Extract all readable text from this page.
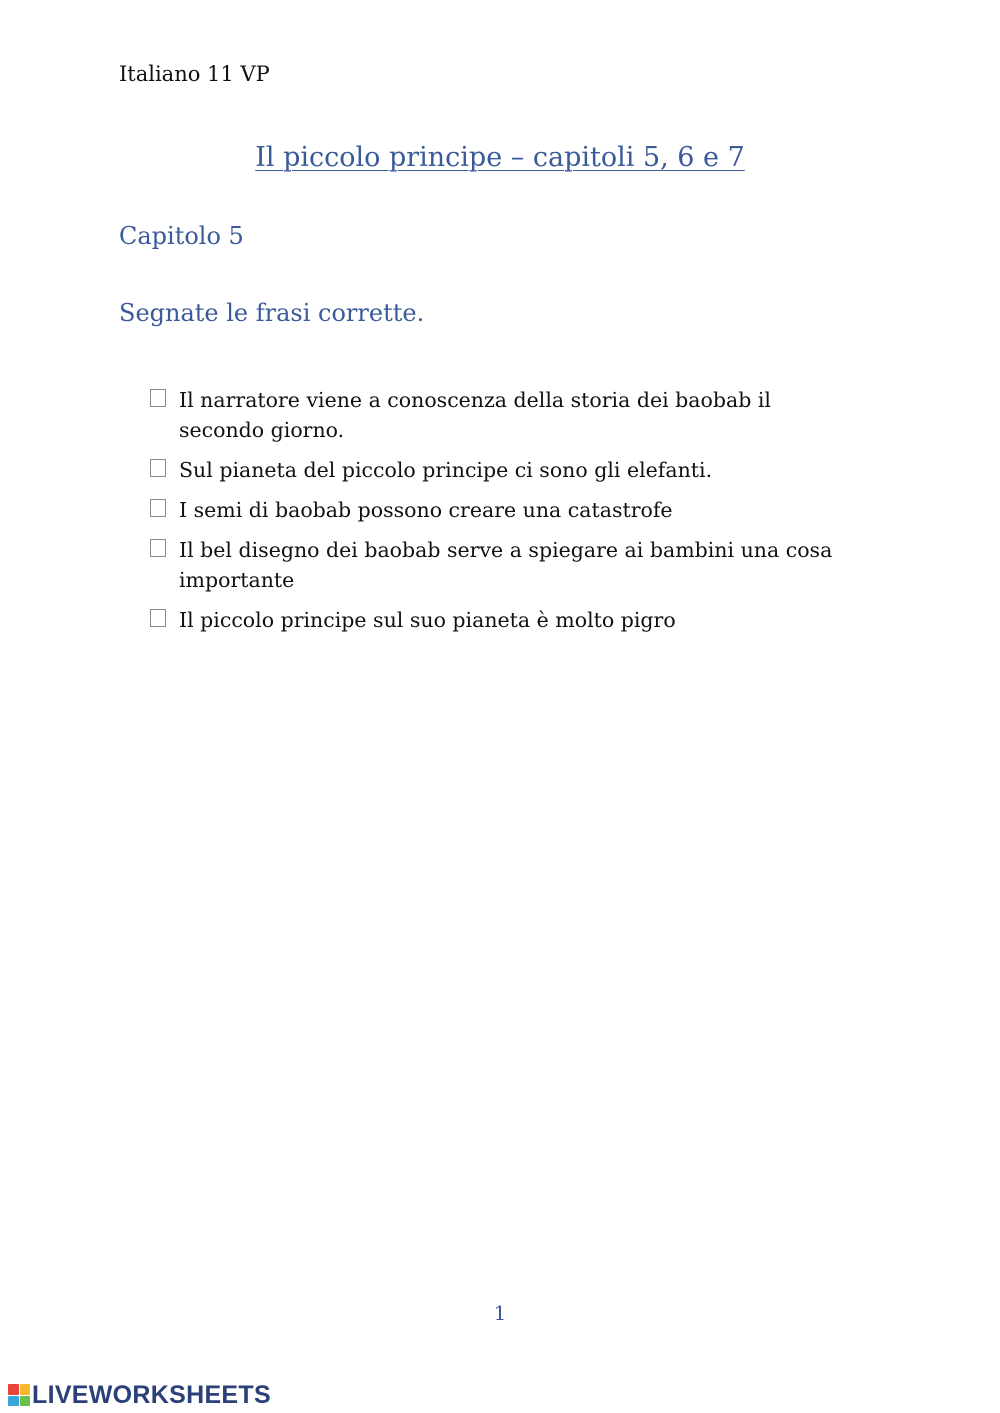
Italiano 11 VP
Il piccolo principe – capitoli 5, 6 e 7
Capitolo 5
Segnate le frasi corrette.
Il narratore viene a conoscenza della storia dei baobab il secondo giorno.
Sul pianeta del piccolo principe ci sono gli elefanti.
I semi di baobab possono creare una catastrofe
Il bel disegno dei baobab serve a spiegare ai bambini una cosa importante
Il piccolo principe sul suo pianeta è molto pigro
1
LIVEWORKSHEETS
